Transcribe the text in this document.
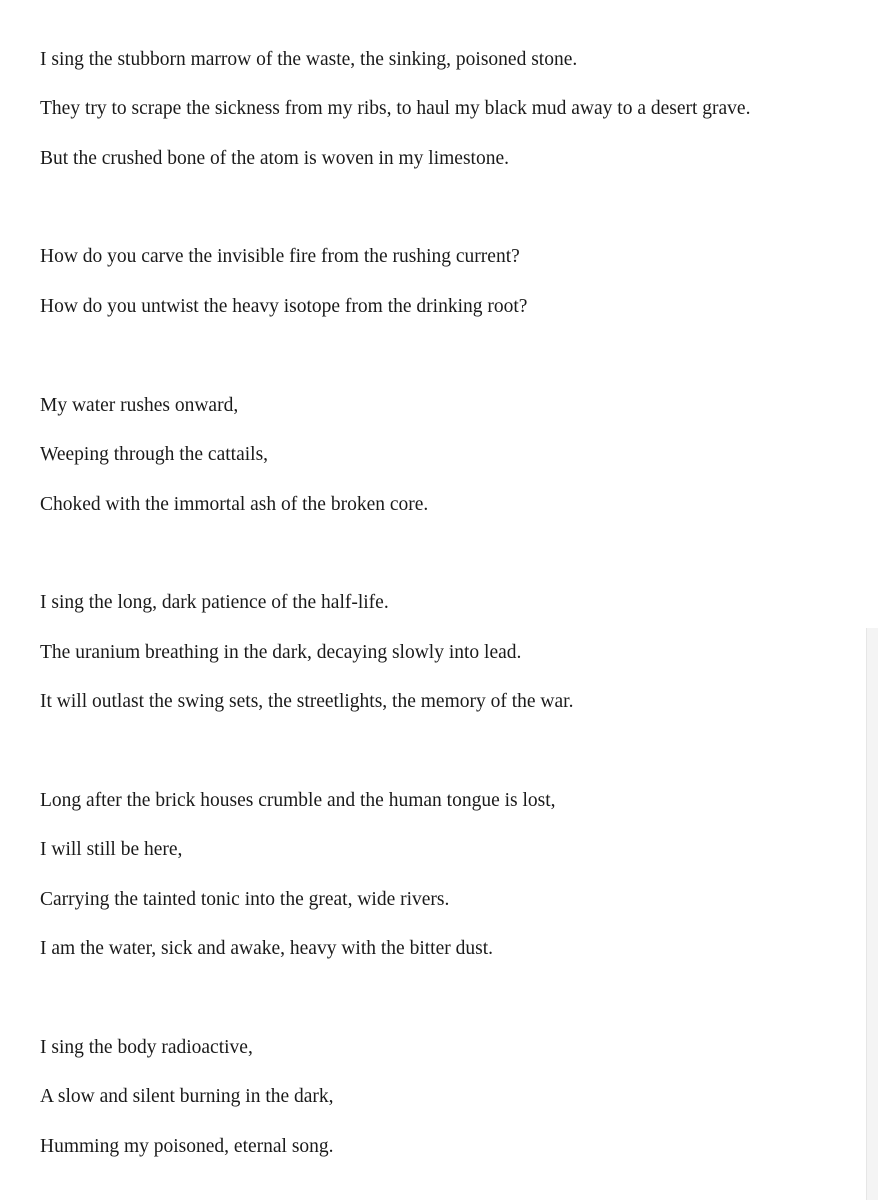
I sing the stubborn marrow of the waste, the sinking, poisoned stone.
They try to scrape the sickness from my ribs, to haul my black mud away to a desert grave.
But the crushed bone of the atom is woven in my limestone.
How do you carve the invisible fire from the rushing current?
How do you untwist the heavy isotope from the drinking root?
My water rushes onward,
Weeping through the cattails,
Choked with the immortal ash of the broken core.
I sing the long, dark patience of the half-life.
The uranium breathing in the dark, decaying slowly into lead.
It will outlast the swing sets, the streetlights, the memory of the war.
Long after the brick houses crumble and the human tongue is lost,
I will still be here,
Carrying the tainted tonic into the great, wide rivers.
I am the water, sick and awake, heavy with the bitter dust.
I sing the body radioactive,
A slow and silent burning in the dark,
Humming my poisoned, eternal song.
